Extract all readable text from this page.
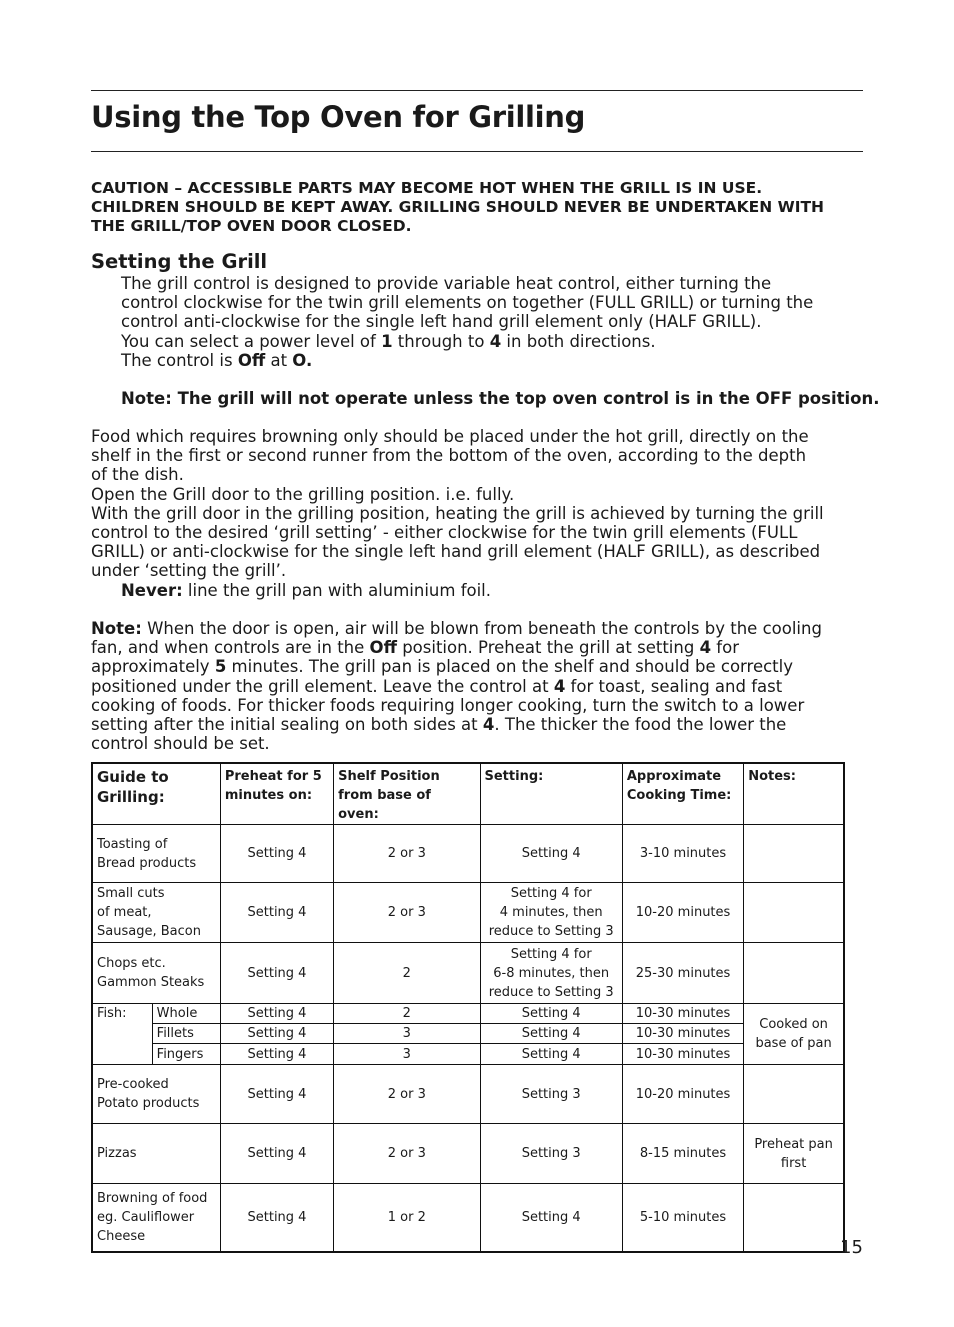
Using the Top Oven for Grilling
CAUTION – ACCESSIBLE PARTS MAY BECOME HOT WHEN THE GRILL IS IN USE.
CHILDREN SHOULD BE KEPT AWAY. GRILLING SHOULD NEVER BE UNDERTAKEN WITH
THE GRILL/TOP OVEN DOOR CLOSED.
Setting the Grill
The grill control is designed to provide variable heat control, either turning the
control clockwise for the twin grill elements on together (FULL GRILL) or turning the
control anti-clockwise for the single left hand grill element only (HALF GRILL).
You can select a power level of 1 through to 4 in both directions.
The control is Off at O.
Note: The grill will not operate unless the top oven control is in the OFF position.
Food which requires browning only should be placed under the hot grill, directly on the
shelf in the first or second runner from the bottom of the oven, according to the depth
of the dish.
Open the Grill door to the grilling position. i.e. fully.
With the grill door in the grilling position, heating the grill is achieved by turning the grill
control to the desired ‘grill setting’ - either clockwise for the twin grill elements (FULL
GRILL) or anti-clockwise for the single left hand grill element (HALF GRILL), as described
under ‘setting the grill’.
Never: line the grill pan with aluminium foil.
Note: When the door is open, air will be blown from beneath the controls by the cooling
fan, and when controls are in the Off position. Preheat the grill at setting 4 for
approximately 5 minutes. The grill pan is placed on the shelf and should be correctly
positioned under the grill element. Leave the control at 4 for toast, sealing and fast
cooking of foods. For thicker foods requiring longer cooking, turn the switch to a lower
setting after the initial sealing on both sides at 4. The thicker the food the lower the
control should be set.
Guide to
Grilling:		Preheat for 5
minutes on:	Shelf Position
from base of oven:	Setting:	Approximate
Cooking Time:	Notes:
Toasting of
Bread products		Setting 4	2 or 3	Setting 4	3-10 minutes	
Small cuts
of meat,
Sausage, Bacon		Setting 4	2 or 3	Setting 4 for
4 minutes, then
reduce to Setting 3	10-20 minutes	
Chops etc.
Gammon Steaks		Setting 4	2	Setting 4 for
6-8 minutes, then
reduce to Setting 3	25-30 minutes	
Fish:	Whole	Setting 4	2	Setting 4	10-30 minutes	Cooked on
base of pan
	Fillets	Setting 4	3	Setting 4	10-30 minutes	
	Fingers	Setting 4	3	Setting 4	10-30 minutes	
Pre-cooked
Potato products		Setting 4	2 or 3	Setting 3	10-20 minutes	
Pizzas		Setting 4	2 or 3	Setting 3	8-15 minutes	Preheat pan
first
Browning of food
eg. Cauliflower
Cheese		Setting 4	1 or 2	Setting 4	5-10 minutes	
15
